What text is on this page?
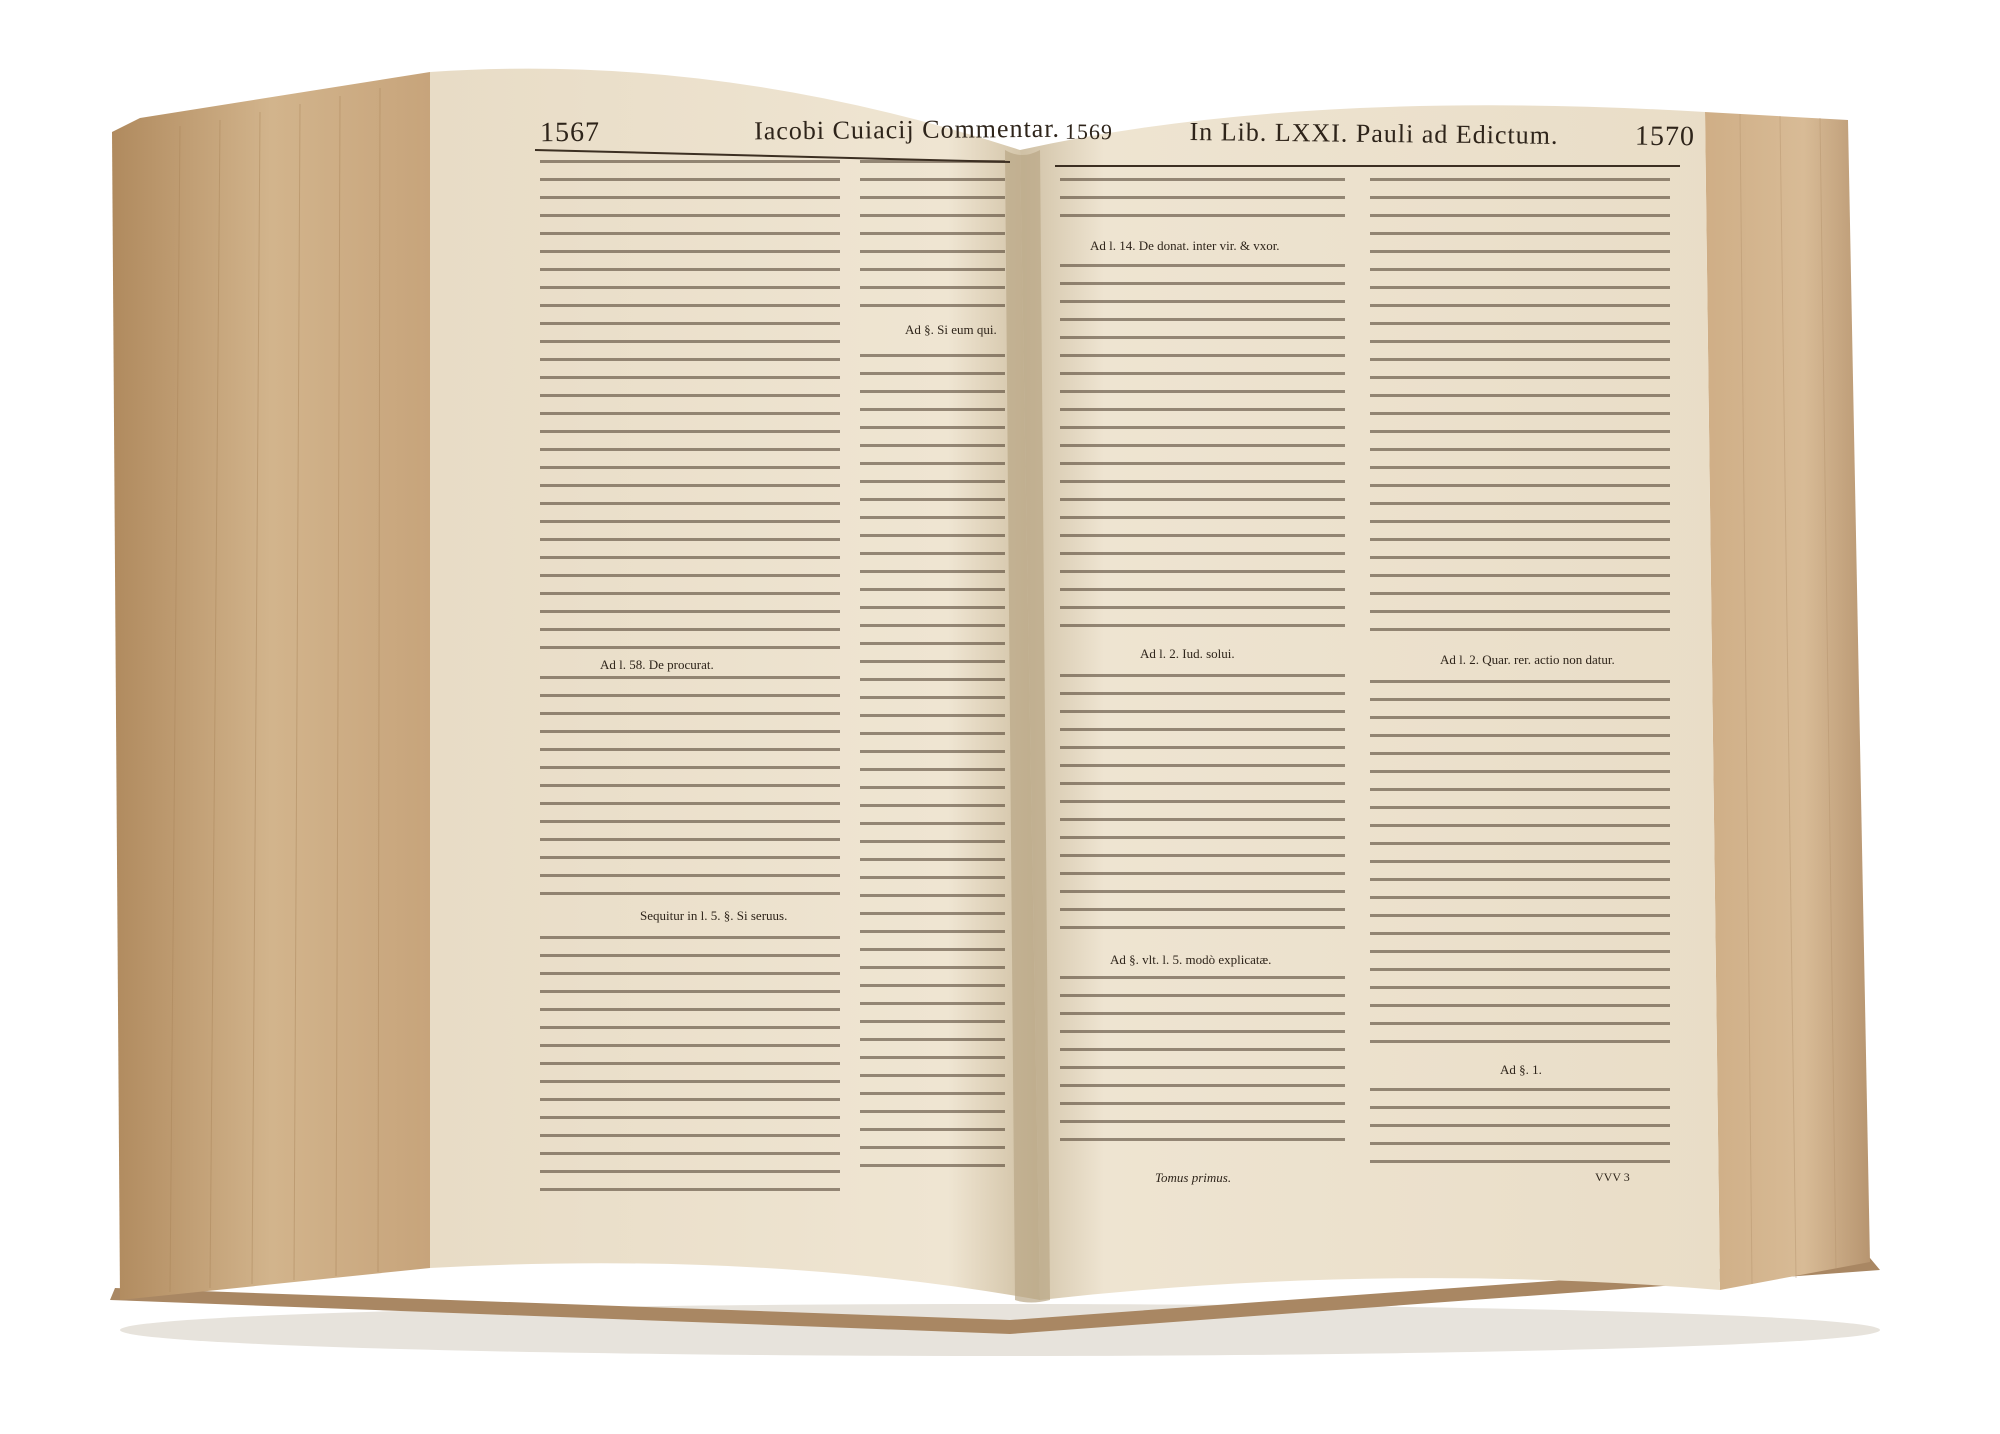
1567	Iacobi Cuiacij Commentar. 1569	In Lib. LXXI. Pauli ad Edictum.	1570
Ad l. 58. De procurat.
Sequitur in l. 5. §. Si seruus.
Ad §. Si eum qui.
Ad l. 14. De donat. inter vir. & vxor.
Ad l. 2. Iud. solui.
Ad §. vlt. l. 5. modò explicatæ.
Ad l. 2. Quar. rer. actio non datur.
Ad §. 1.
Tomus primus.	VVV 3
